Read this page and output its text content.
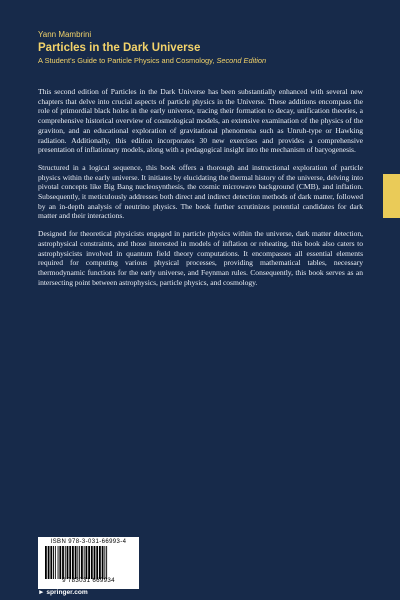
Yann Mambrini
Particles in the Dark Universe
A Student’s Guide to Particle Physics and Cosmology, Second Edition

This second edition of Particles in the Dark Universe has been substantially enhanced with several new chapters that delve into crucial aspects of particle physics in the Universe. These additions encompass the role of primordial black holes in the early universe, tracing their formation to decay, unification theories, a comprehensive historical overview of cosmological models, an extensive examination of the physics of the graviton, and an educational exploration of gravitational phenomena such as Unruh-type or Hawking radiation. Additionally, this edition incorporates 30 new exercises and provides a comprehensive presentation of inflationary models, along with a pedagogical insight into the mechanism of baryogenesis.

Structured in a logical sequence, this book offers a thorough and instructional exploration of particle physics within the early universe. It initiates by elucidating the thermal history of the universe, delving into pivotal concepts like Big Bang nucleosynthesis, the cosmic microwave background (CMB), and inflation. Subsequently, it meticulously addresses both direct and indirect detection methods of dark matter, followed by an in-depth analysis of neutrino physics. The book further scrutinizes potential candidates for dark matter and their interactions.

Designed for theoretical physicists engaged in particle physics within the universe, dark matter detection, astrophysical constraints, and those interested in models of inflation or reheating, this book also caters to astrophysicists involved in quantum field theory computations. It encompasses all essential elements required for computing various physical processes, providing mathematical tables, necessary thermodynamic functions for the early universe, and Feynman rules. Consequently, this book serves as an intersecting point between astrophysics, particle physics, and cosmology.

ISBN 978-3-031-66993-4
9 783031 669934
► springer.com
